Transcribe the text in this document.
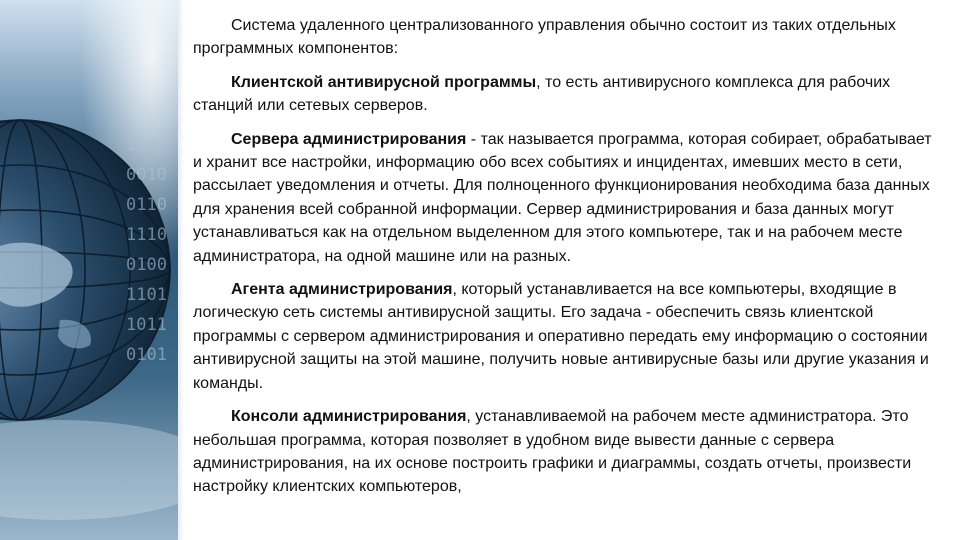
1000
0010
0110
1110
0100
1101
1011
0101

Система удаленного централизованного управления обычно состоит из таких отдельных программных компонентов:

Клиентской антивирусной программы, то есть антивирусного комплекса для рабочих станций или сетевых серверов.

Сервера администрирования - так называется программа, которая собирает, обрабатывает и хранит все настройки, информацию обо всех событиях и инцидентах, имевших место в сети, рассылает уведомления и отчеты. Для полноценного функционирования необходима база данных для хранения всей собранной информации. Сервер администрирования и база данных могут устанавливаться как на отдельном выделенном для этого компьютере, так и на рабочем месте администратора, на одной машине или на разных.

Агента администрирования, который устанавливается на все компьютеры, входящие в логическую сеть системы антивирусной защиты. Его задача - обеспечить связь клиентской программы с сервером администрирования и оперативно передать ему информацию о состоянии антивирусной защиты на этой машине, получить новые антивирусные базы или другие указания и команды.

Консоли администрирования, устанавливаемой на рабочем месте администратора. Это небольшая программа, которая позволяет в удобном виде вывести данные с сервера администрирования, на их основе построить графики и диаграммы, создать отчеты, произвести настройку клиентских компьютеров,
